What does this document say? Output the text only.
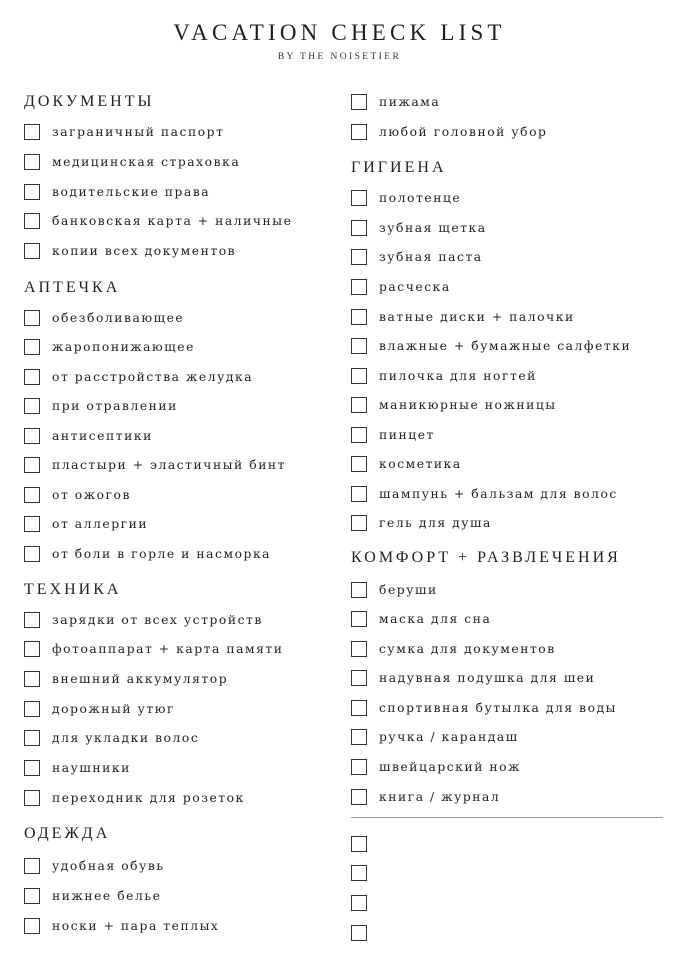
VACATION CHECK LIST
BY THE NOISETIER
ДОКУМЕНТЫ
заграничный паспорт
медицинская страховка
водительские права
банковская карта + наличные
копии всех документов
АПТЕЧКА
обезболивающее
жаропонижающее
от расстройства желудка
при отравлении
антисептики
пластыри + эластичный бинт
от ожогов
от аллергии
от боли в горле и насморка
ТЕХНИКА
зарядки от всех устройств
фотоаппарат + карта памяти
внешний аккумулятор
дорожный утюг
для укладки волос
наушники
переходник для розеток
ОДЕЖДА
удобная обувь
нижнее белье
носки + пара теплых
пижама
любой головной убор
ГИГИЕНА
полотенце
зубная щетка
зубная паста
расческа
ватные диски + палочки
влажные + бумажные салфетки
пилочка для ногтей
маникюрные ножницы
пинцет
косметика
шампунь + бальзам для волос
гель для душа
КОМФОРТ + РАЗВЛЕЧЕНИЯ
беруши
маска для сна
сумка для документов
надувная подушка для шеи
спортивная бутылка для воды
ручка / карандаш
швейцарский нож
книга / журнал
